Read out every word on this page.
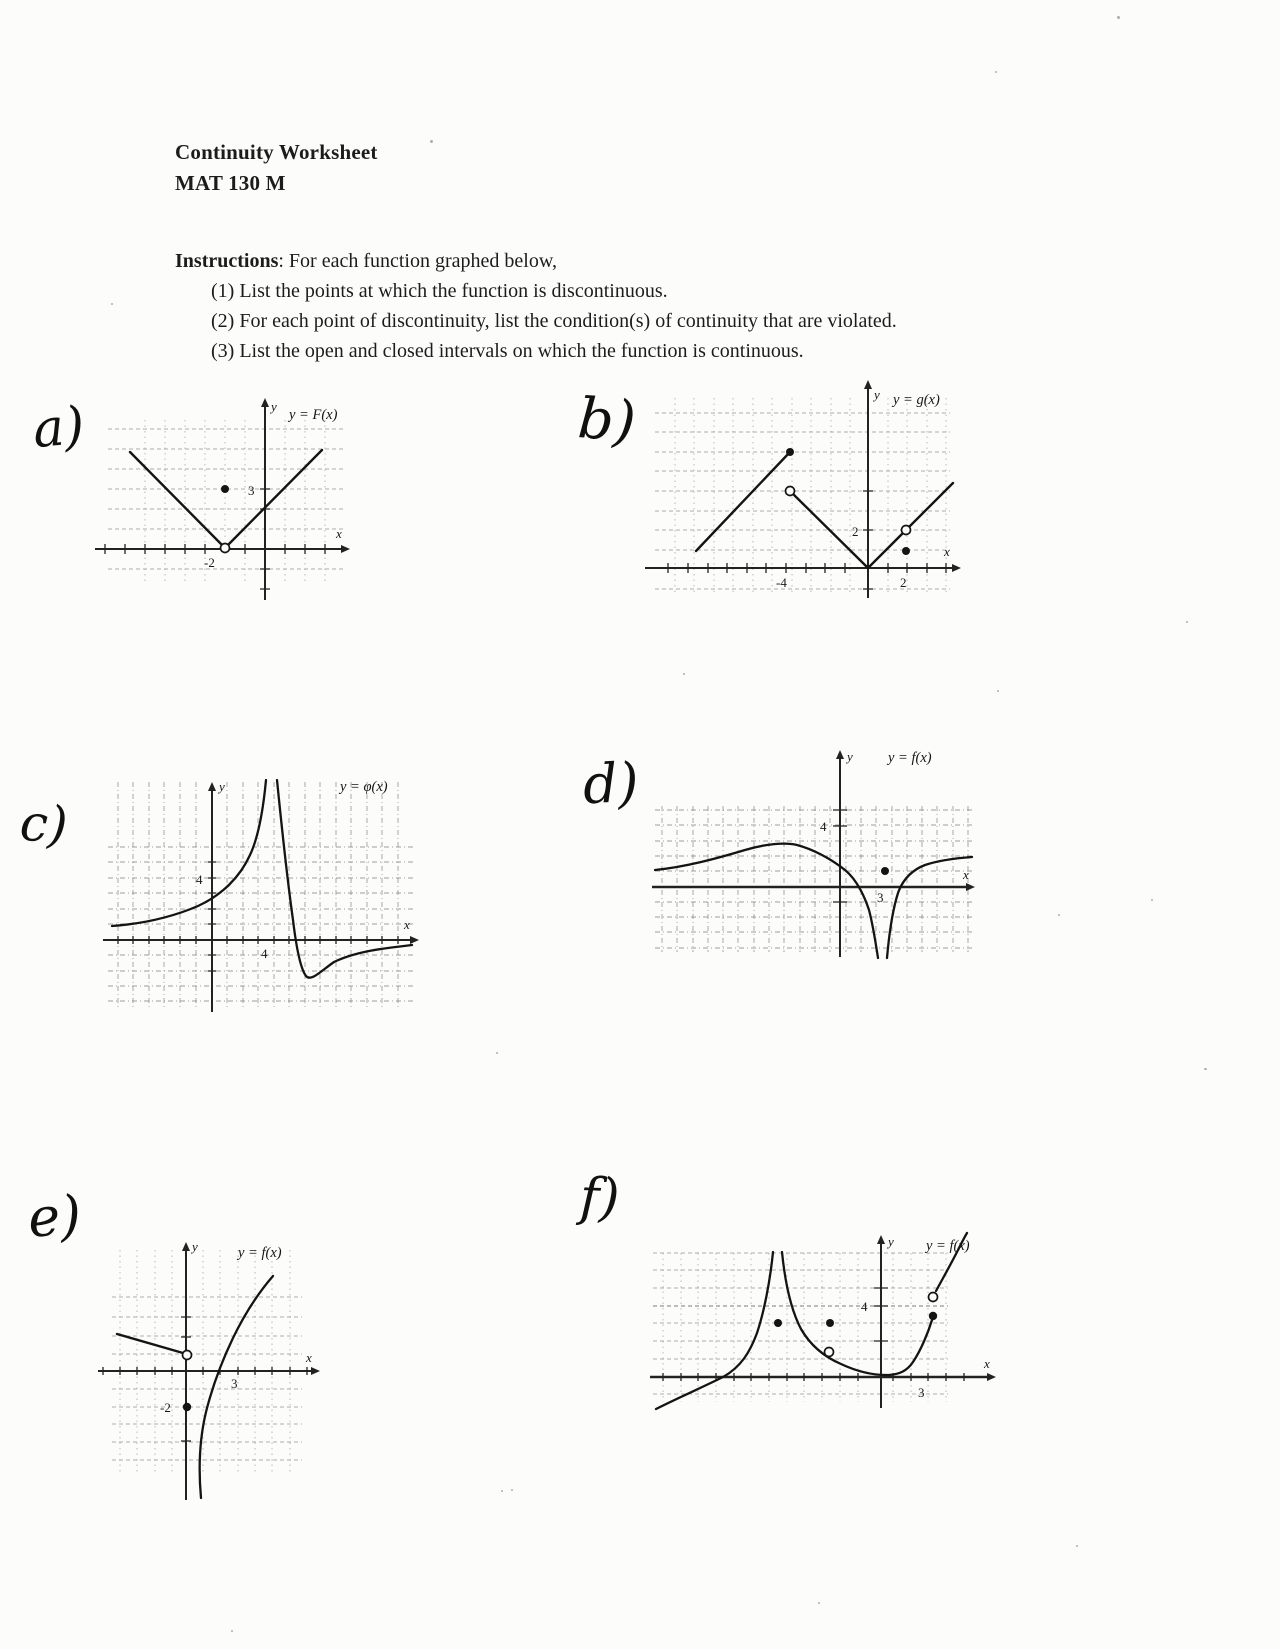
Continuity Worksheet
MAT 130 M
Instructions: For each function graphed below,
(1) List the points at which the function is discontinuous.
(2) For each point of discontinuity, list the condition(s) of continuity that are violated.
(3) List the open and closed intervals on which the function is continuous.
a)	y
y = F(x)
x
3
-2
b)	y y = g(x)
x
2
-4	2
c)
y	y = φ(x)
x
4
4
d)	y y = f(x)
x
4
3
e)	y	y = f(x)
x
3
-2
f)
y y = f(x)
x
4
3
